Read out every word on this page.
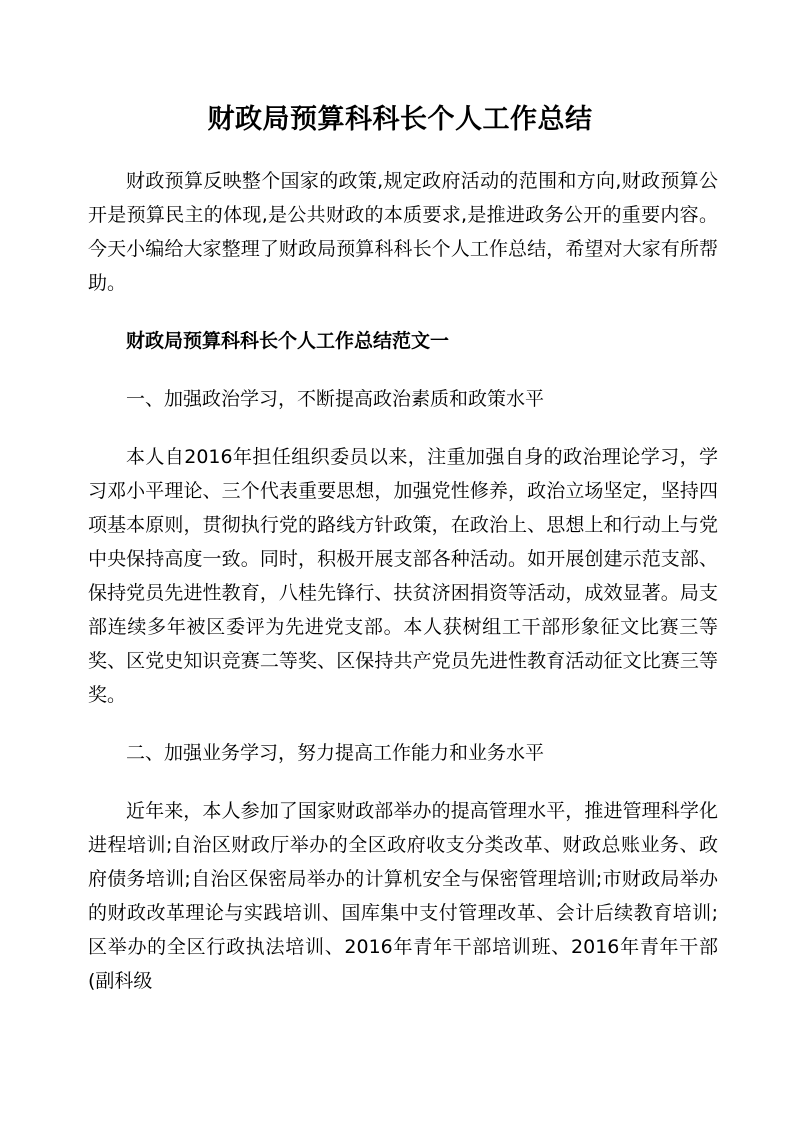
财政局预算科科长个人工作总结

财政预算反映整个国家的政策,规定政府活动的范围和方向,财政预算公开是预算民主的体现,是公共财政的本质要求,是推进政务公开的重要内容。今天小编给大家整理了财政局预算科科长个人工作总结，希望对大家有所帮助。

财政局预算科科长个人工作总结范文一

一、加强政治学习，不断提高政治素质和政策水平

本人自2016年担任组织委员以来，注重加强自身的政治理论学习，学习邓小平理论、三个代表重要思想，加强党性修养，政治立场坚定，坚持四项基本原则，贯彻执行党的路线方针政策，在政治上、思想上和行动上与党中央保持高度一致。同时，积极开展支部各种活动。如开展创建示范支部、保持党员先进性教育，八桂先锋行、扶贫济困捐资等活动，成效显著。局支部连续多年被区委评为先进党支部。本人获树组工干部形象征文比赛三等奖、区党史知识竞赛二等奖、区保持共产党员先进性教育活动征文比赛三等奖。

二、加强业务学习，努力提高工作能力和业务水平

近年来，本人参加了国家财政部举办的提高管理水平，推进管理科学化进程培训;自治区财政厅举办的全区政府收支分类改革、财政总账业务、政府债务培训;自治区保密局举办的计算机安全与保密管理培训;市财政局举办的财政改革理论与实践培训、国库集中支付管理改革、会计后续教育培训;区举办的全区行政执法培训、2016年青年干部培训班、2016年青年干部(副科级
